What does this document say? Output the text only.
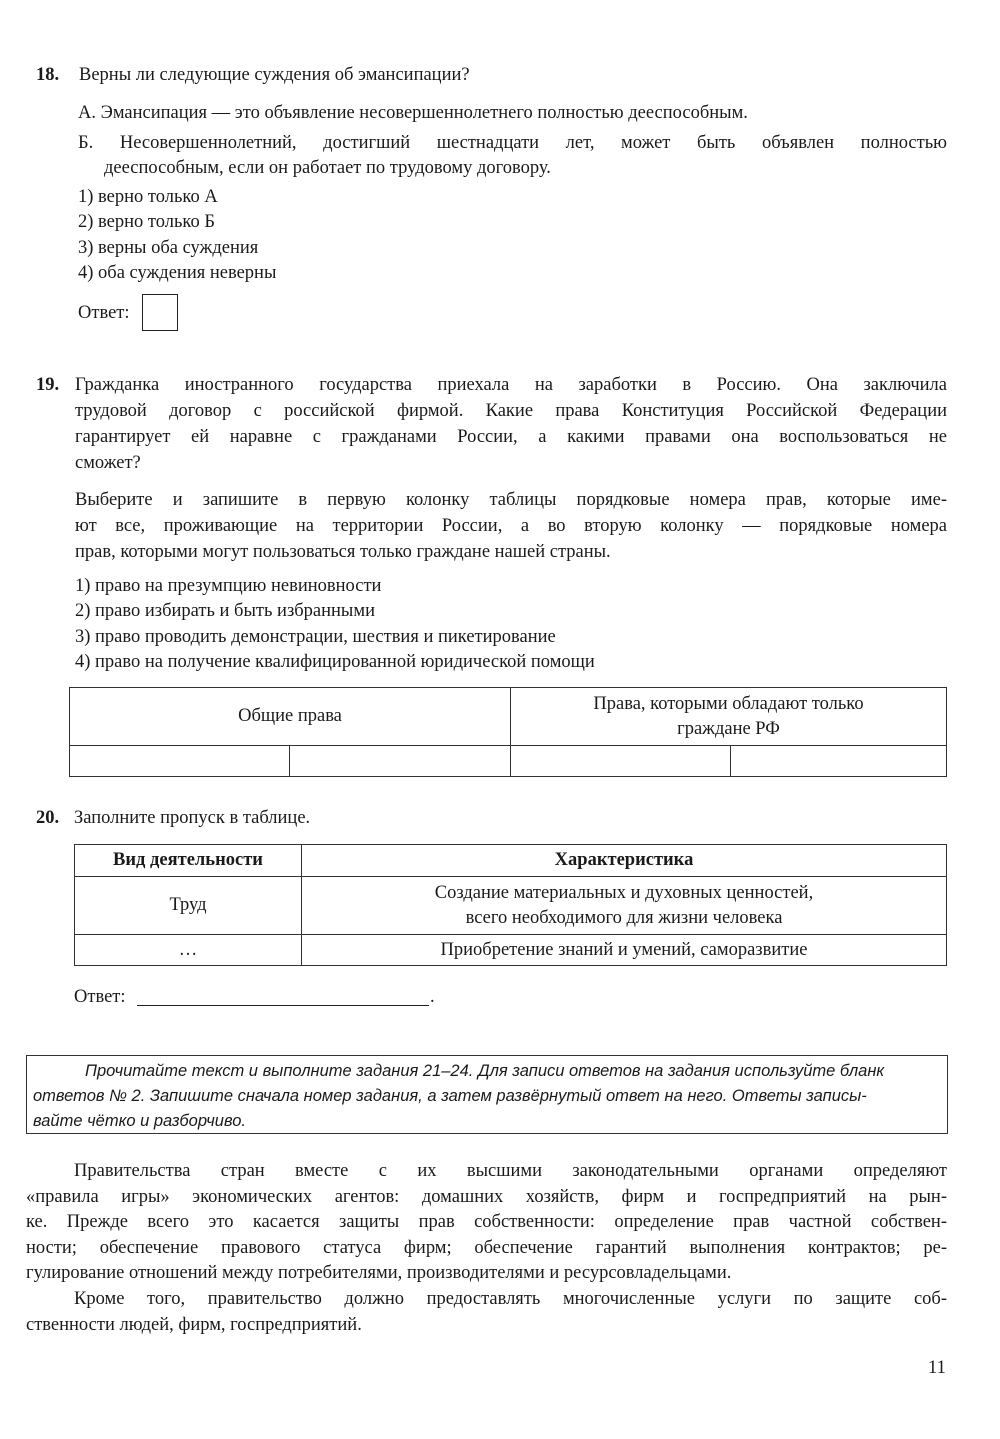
18. Верны ли следующие суждения об эмансипации?
А. Эмансипация — это объявление несовершеннолетнего полностью дееспособным.
Б. Несовершеннолетний, достигший шестнадцати лет, может быть объявлен полностью
дееспособным, если он работает по трудовому договору.
1) верно только А
2) верно только Б
3) верны оба суждения
4) оба суждения неверны
Ответ:
19. Гражданка иностранного государства приехала на заработки в Россию. Она заключила
трудовой договор с российской фирмой. Какие права Конституция Российской Федерации
гарантирует ей наравне с гражданами России, а какими правами она воспользоваться не
сможет?
Выберите и запишите в первую колонку таблицы порядковые номера прав, которые име-
ют все, проживающие на территории России, а во вторую колонку — порядковые номера
прав, которыми могут пользоваться только граждане нашей страны.
1) право на презумпцию невиновности
2) право избирать и быть избранными
3) право проводить демонстрации, шествия и пикетирование
4) право на получение квалифицированной юридической помощи
Общие права		Права, которыми обладают только
граждане РФ	

20. Заполните пропуск в таблице.
Вид деятельности	Характеристика
Труд	Создание материальных и духовных ценностей,
всего необходимого для жизни человека

…	Приобретение знаний и умений, саморазвитие
Ответ:	.
Прочитайте текст и выполните задания 21–24. Для записи ответов на задания используйте бланк
ответов № 2. Запишите сначала номер задания, а затем развёрнутый ответ на него. Ответы записы-
вайте чётко и разборчиво.
Правительства стран вместе с их высшими законодательными органами определяют
«правила игры» экономических агентов: домашних хозяйств, фирм и госпредприятий на рын-
ке. Прежде всего это касается защиты прав собственности: определение прав частной собствен-
ности; обеспечение правового статуса фирм; обеспечение гарантий выполнения контрактов; ре-
гулирование отношений между потребителями, производителями и ресурсовладельцами.
Кроме того, правительство должно предоставлять многочисленные услуги по защите соб-
ственности людей, фирм, госпредприятий.
11
